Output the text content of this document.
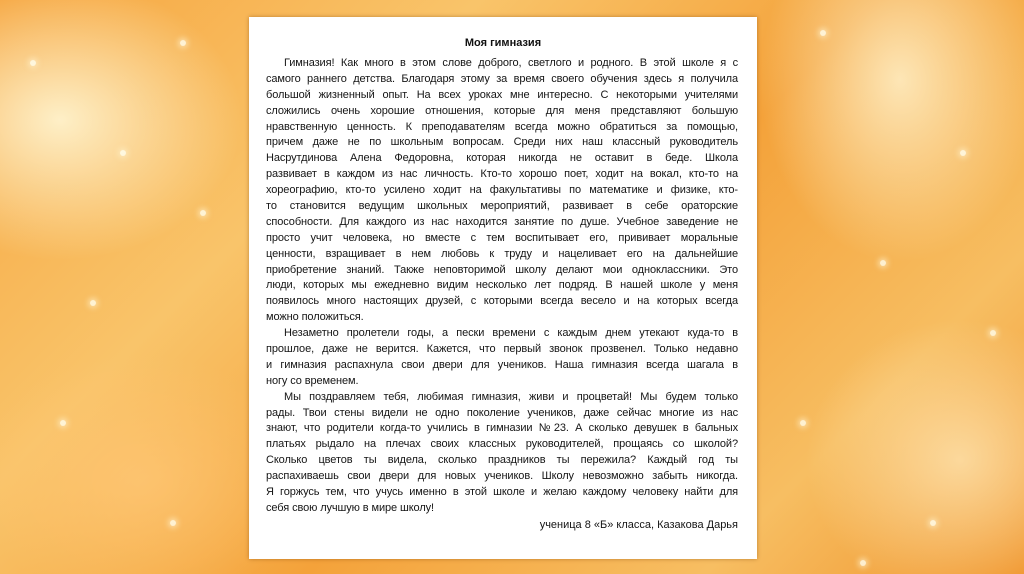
Моя гимназия
Гимназия! Как много в этом слове доброго, светлого и родного. В этой школе я с
самого раннего детства. Благодаря этому за время своего обучения здесь я получила
большой жизненный опыт. На всех уроках мне интересно. С некоторыми учителями
сложились очень хорошие отношения, которые для меня представляют большую
нравственную ценность. К преподавателям всегда можно обратиться за помощью,
причем даже не по школьным вопросам. Среди них наш классный руководитель
Насрутдинова Алена Федоровна, которая никогда не оставит в беде. Школа
развивает в каждом из нас личность. Кто-то хорошо поет, ходит на вокал, кто-то на
хореографию, кто-то усилено ходит на факультативы по математике и физике, кто-
то становится ведущим школьных мероприятий, развивает в себе ораторские
способности. Для каждого из нас находится занятие по душе. Учебное заведение не
просто учит человека, но вместе с тем воспитывает его, прививает моральные
ценности, взращивает в нем любовь к труду и нацеливает его на дальнейшие
приобретение знаний. Также неповторимой школу делают мои одноклассники. Это
люди, которых мы ежедневно видим несколько лет подряд. В нашей школе у меня
появилось много настоящих друзей, с которыми всегда весело и на которых всегда
можно положиться.
Незаметно пролетели годы, а пески времени с каждым днем утекают куда-то в
прошлое, даже не верится. Кажется, что первый звонок прозвенел. Только недавно
и гимназия распахнула свои двери для учеников. Наша гимназия всегда шагала в
ногу со временем.
Мы поздравляем тебя, любимая гимназия, живи и процветай! Мы будем только
рады. Твои стены видели не одно поколение учеников, даже сейчас многие из нас
знают, что родители когда-то учились в гимназии №23. А сколько девушек в бальных
платьях рыдало на плечах своих классных руководителей, прощаясь со школой?
Сколько цветов ты видела, сколько праздников ты пережила? Каждый год ты
распахиваешь свои двери для новых учеников. Школу невозможно забыть никогда.
Я горжусь тем, что учусь именно в этой школе и желаю каждому человеку найти для
себя свою лучшую в мире школу!
ученица 8 «Б» класса, Казакова Дарья
